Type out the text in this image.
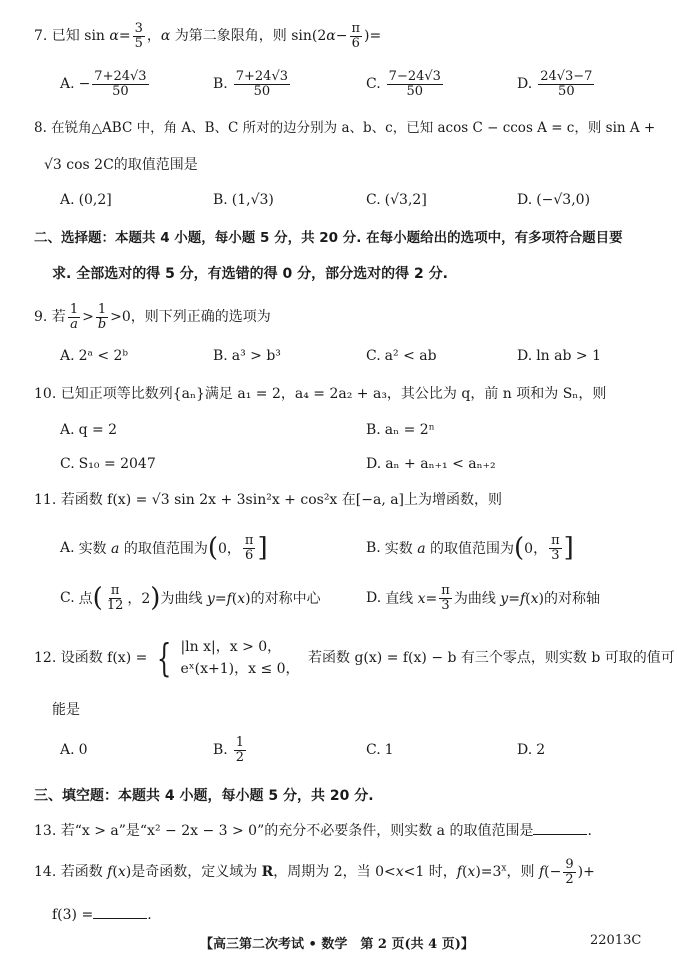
7. 已知 $\sin \alpha= \frac{3}{5}$ ，α 为第二象限角，则 $\sin(2\alpha- \frac{\pi}{6}$ )=
A. − $\frac{7+24√3}{50}$	B. $\frac{7+24√3}{50}$	C. $\frac{7-24√3}{50}$	D. $\frac{24√3-7}{50}$
8. 在锐角△ABC 中，角 A、B、C 所对的边分别为 a、b、c，已知 acos C − ccos A = c，则 sin A +
√3 cos 2C的取值范围是
A. (0,2]	B. (1,√3)	C. (√3,2]	D. (−√3,0)
二、选择题：本题共 4 小题，每小题 5 分，共 20 分. 在每小题给出的选项中，有多项符合题目要
求. 全部选对的得 5 分，有选错的得 0 分，部分选对的得 2 分.
9. 若 $\frac{1}{a} > \frac{1}{b} >0$，则下列正确的选项为
A. 2ᵃ < 2ᵇ	B. a³ > b³	C. a² < ab	D. ln ab > 1
10. 已知正项等比数列{aₙ}满足 a₁ = 2，a₄ = 2a₂ + a₃，其公比为 q，前 n 项和为 Sₙ，则
A. q = 2	B. aₙ = 2ⁿ
C. S₁₀ = 2047	D. aₙ + aₙ₊₁ < aₙ₊₂
11. 若函数 f(x) = √3 sin 2x + 3sin²x + cos²x 在[−a, a]上为增函数，则
A. 实数 a 的取值范围为 ( 0， $\frac{\pi}{6}$ ]	B. 实数 a 的取值范围为 ( 0， $\frac{\pi}{3}$ ]
C. 点 ( $\frac{\pi}{12}$ ，2 ) 为曲线 y=f(x)的对称中心	D. 直线 $x= \frac{\pi}{3}$ 为曲线 y=f(x)的对称轴
12. 设函数 f(x) = { |ln x|，x > 0，
eˣ(x+1)，x ≤ 0，
若函数 g(x) = f(x) − b 有三个零点，则实数 b 可取的值可
能是
A. 0	B. $\frac{1}{2}$	C. 1	D. 2
三、填空题：本题共 4 小题，每小题 5 分，共 20 分.
13. 若“x > a”是“x² − 2x − 3 > 0”的充分不必要条件，则实数 a 的取值范围是	.
14. 若函数 f(x)是奇函数，定义域为 R，周期为 2，当 0<x<1 时，$f(x)=3^x$，则 $f(- \frac{9}{2}$ )+
f(3) =	.
【高三第二次考试 • 数学　第 2 页(共 4 页)】	22013C
